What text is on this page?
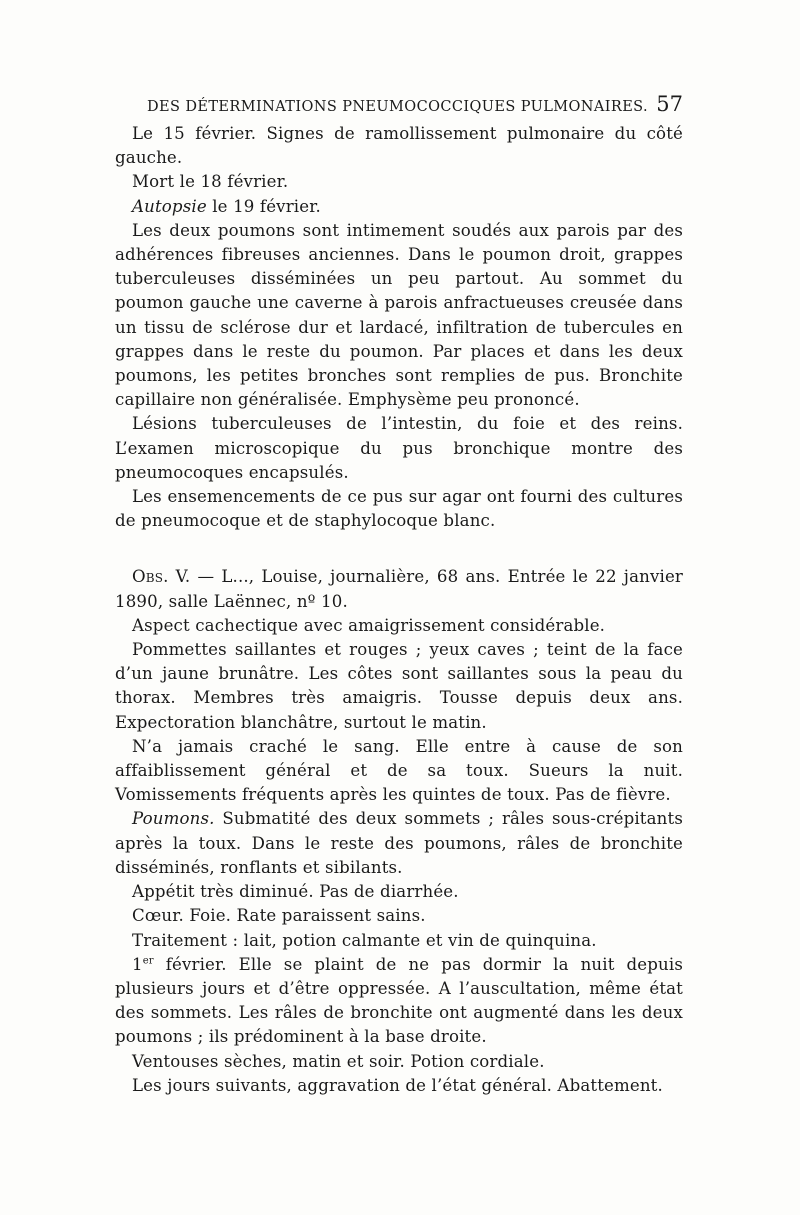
DES DÉTERMINATIONS PNEUMOCOCCIQUES PULMONAIRES. 57

Le 15 février. Signes de ramollissement pulmonaire du côté gauche.

Mort le 18 février.

Autopsie le 19 février.

Les deux poumons sont intimement soudés aux parois par des adhérences fibreuses anciennes. Dans le poumon droit, grappes tuberculeuses disséminées un peu partout. Au sommet du poumon gauche une caverne à parois anfractueuses creusée dans un tissu de sclérose dur et lardacé, infiltration de tubercules en grappes dans le reste du poumon. Par places et dans les deux poumons, les petites bronches sont remplies de pus. Bronchite capillaire non généralisée. Emphysème peu prononcé.

Lésions tuberculeuses de l’intestin, du foie et des reins. L’examen microscopique du pus bronchique montre des pneumocoques encapsulés.

Les ensemencements de ce pus sur agar ont fourni des cultures de pneumocoque et de staphylocoque blanc.

Obs. V. — L..., Louise, journalière, 68 ans. Entrée le 22 janvier 1890, salle Laënnec, nº 10.

Aspect cachectique avec amaigrissement considérable.

Pommettes saillantes et rouges ; yeux caves ; teint de la face d’un jaune brunâtre. Les côtes sont saillantes sous la peau du thorax. Membres très amaigris. Tousse depuis deux ans. Expectoration blanchâtre, surtout le matin.

N’a jamais craché le sang. Elle entre à cause de son affaiblissement général et de sa toux. Sueurs la nuit. Vomissements fréquents après les quintes de toux. Pas de fièvre.

Poumons. Submatité des deux sommets ; râles sous-crépitants après la toux. Dans le reste des poumons, râles de bronchite disséminés, ronflants et sibilants.

Appétit très diminué. Pas de diarrhée.

Cœur. Foie. Rate paraissent sains.

Traitement : lait, potion calmante et vin de quinquina.

1er février. Elle se plaint de ne pas dormir la nuit depuis plusieurs jours et d’être oppressée. A l’auscultation, même état des sommets. Les râles de bronchite ont augmenté dans les deux poumons ; ils prédominent à la base droite.

Ventouses sèches, matin et soir. Potion cordiale.

Les jours suivants, aggravation de l’état général. Abattement.
